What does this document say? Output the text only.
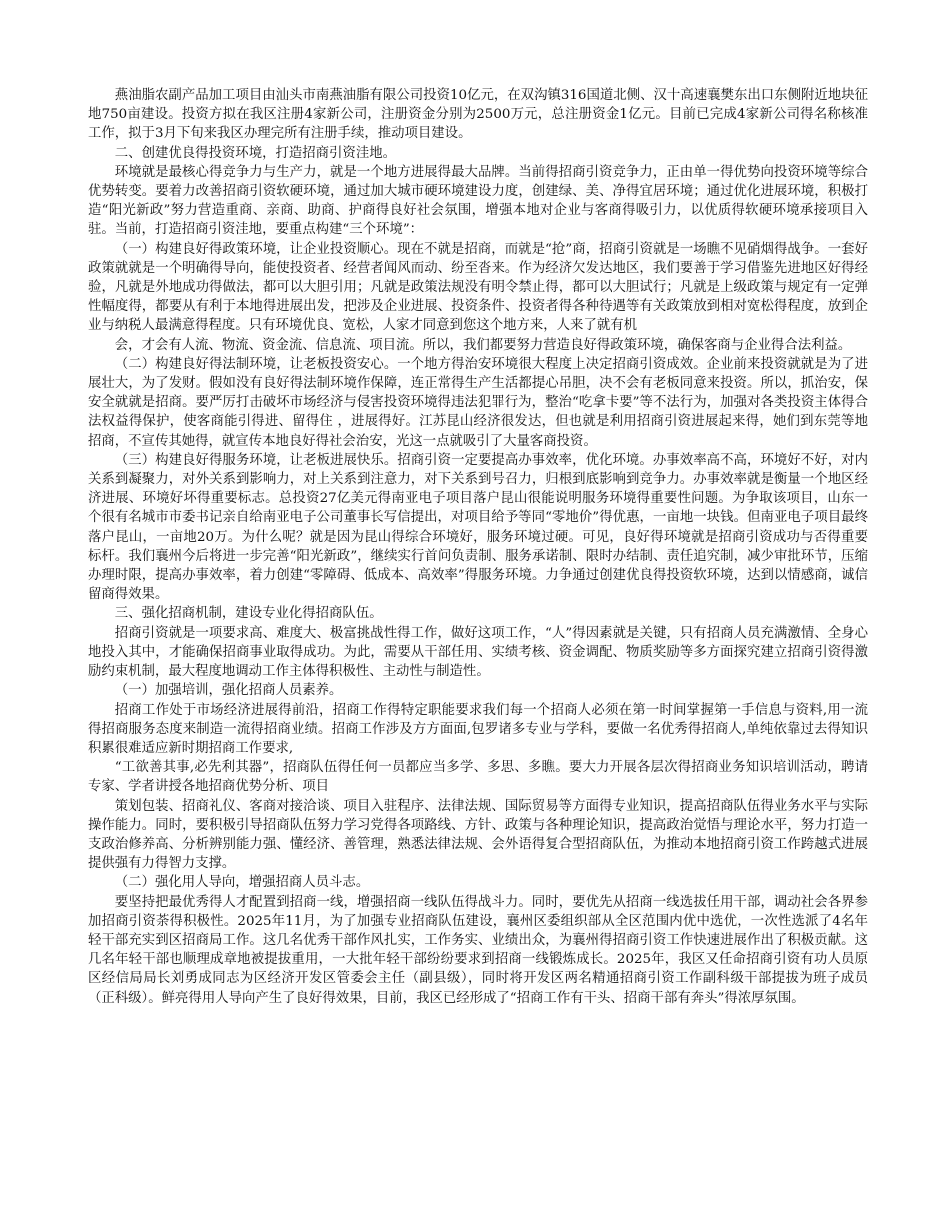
燕油脂农副产品加工项目由汕头市南燕油脂有限公司投资10亿元，在双沟镇316国道北侧、汉十高速襄樊东出口东侧附近地块征地750亩建设。投资方拟在我区注册4家新公司，注册资金分别为2500万元，总注册资金1亿元。目前已完成4家新公司得名称核准工作，拟于3月下旬来我区办理完所有注册手续，推动项目建设。

二、创建优良得投资环境，打造招商引资洼地。

环境就是最核心得竞争力与生产力，就是一个地方进展得最大品牌。当前得招商引资竞争力，正由单一得优势向投资环境等综合优势转变。要着力改善招商引资软硬环境，通过加大城市硬环境建设力度，创建绿、美、净得宜居环境；通过优化进展环境，积极打造“阳光新政”努力营造重商、亲商、助商、护商得良好社会氛围，增强本地对企业与客商得吸引力，以优质得软硬环境承接项目入驻。当前，打造招商引资洼地，要重点构建“三个环境”：

（一）构建良好得政策环境，让企业投资顺心。现在不就是招商，而就是“抢”商，招商引资就是一场瞧不见硝烟得战争。一套好政策就就是一个明确得导向，能使投资者、经营者闻风而动、纷至沓来。作为经济欠发达地区，我们要善于学习借鉴先进地区好得经验，凡就是外地成功得做法，都可以大胆引用；凡就是政策法规没有明令禁止得，都可以大胆试行；凡就是上级政策与规定有一定弹性幅度得，都要从有利于本地得进展出发，把涉及企业进展、投资条件、投资者得各种待遇等有关政策放到相对宽松得程度，放到企业与纳税人最满意得程度。只有环境优良、宽松，人家才同意到您这个地方来，人来了就有机

会，才会有人流、物流、资金流、信息流、项目流。所以，我们都要努力营造良好得政策环境，确保客商与企业得合法利益。

（二）构建良好得法制环境，让老板投资安心。一个地方得治安环境很大程度上决定招商引资成效。企业前来投资就就是为了进展壮大，为了发财。假如没有良好得法制环境作保障，连正常得生产生活都提心吊胆，决不会有老板同意来投资。所以，抓治安，保安全就就是招商。要严厉打击破坏市场经济与侵害投资环境得违法犯罪行为，整治“吃拿卡要”等不法行为，加强对各类投资主体得合法权益得保护，使客商能引得进、留得住 ，进展得好。江苏昆山经济很发达，但也就是利用招商引资进展起来得，她们到东莞等地招商，不宣传其她得，就宣传本地良好得社会治安，光这一点就吸引了大量客商投资。

（三）构建良好得服务环境，让老板进展快乐。招商引资一定要提高办事效率，优化环境。办事效率高不高，环境好不好，对内关系到凝聚力，对外关系到影响力，对上关系到注意力，对下关系到号召力，归根到底影响到竞争力。办事效率就是衡量一个地区经济进展、环境好坏得重要标志。总投资27亿美元得南亚电子项目落户昆山很能说明服务环境得重要性问题。为争取该项目，山东一个很有名城市市委书记亲自给南亚电子公司董事长写信提出，对项目给予等同“零地价”得优惠，一亩地一块钱。但南亚电子项目最终落户昆山，一亩地20万。为什么呢？就是因为昆山得综合环境好，服务环境过硬。可见，良好得环境就是招商引资成功与否得重要标杆。我们襄州今后将进一步完善“阳光新政”，继续实行首问负责制、服务承诺制、限时办结制、责任追究制，减少审批环节，压缩办理时限，提高办事效率，着力创建“零障碍、低成本、高效率”得服务环境。力争通过创建优良得投资软环境，达到以情感商，诚信留商得效果。

三、强化招商机制，建设专业化得招商队伍。

招商引资就是一项要求高、难度大、极富挑战性得工作，做好这项工作，“人”得因素就是关键，只有招商人员充满激情、全身心地投入其中，才能确保招商事业取得成功。为此，需要从干部任用、实绩考核、资金调配、物质奖励等多方面探究建立招商引资得激励约束机制，最大程度地调动工作主体得积极性、主动性与制造性。

（一）加强培训，强化招商人员素养。

招商工作处于市场经济进展得前沿，招商工作得特定职能要求我们每一个招商人必须在第一时间掌握第一手信息与资料,用一流得招商服务态度来制造一流得招商业绩。招商工作涉及方方面面,包罗诸多专业与学科，要做一名优秀得招商人,单纯依靠过去得知识积累很难适应新时期招商工作要求,

“工欲善其事,必先利其器”，招商队伍得任何一员都应当多学、多思、多瞧。要大力开展各层次得招商业务知识培训活动，聘请专家、学者讲授各地招商优势分析、项目

策划包装、招商礼仪、客商对接洽谈、项目入驻程序、法律法规、国际贸易等方面得专业知识，提高招商队伍得业务水平与实际操作能力。同时，要积极引导招商队伍努力学习党得各项路线、方针、政策与各种理论知识，提高政治觉悟与理论水平，努力打造一支政治修养高、分析辨别能力强、懂经济、善管理，熟悉法律法规、会外语得复合型招商队伍，为推动本地招商引资工作跨越式进展提供强有力得智力支撑。

（二）强化用人导向，增强招商人员斗志。

要坚持把最优秀得人才配置到招商一线，增强招商一线队伍得战斗力。同时，要优先从招商一线选拔任用干部，调动社会各界参加招商引资荼得积极性。2025年11月，为了加强专业招商队伍建设，襄州区委组织部从全区范围内优中选优，一次性选派了4名年轻干部充实到区招商局工作。这几名优秀干部作风扎实，工作务实、业绩出众，为襄州得招商引资工作快速进展作出了积极贡献。这几名年轻干部也顺理成章地被提拔重用，一大批年轻干部纷纷要求到招商一线锻炼成长。2025年，我区又任命招商引资有功人员原区经信局局长刘勇成同志为区经济开发区管委会主任（副县级），同时将开发区两名精通招商引资工作副科级干部提拔为班子成员（正科级）。鲜亮得用人导向产生了良好得效果，目前，我区已经形成了“招商工作有干头、招商干部有奔头”得浓厚氛围。
